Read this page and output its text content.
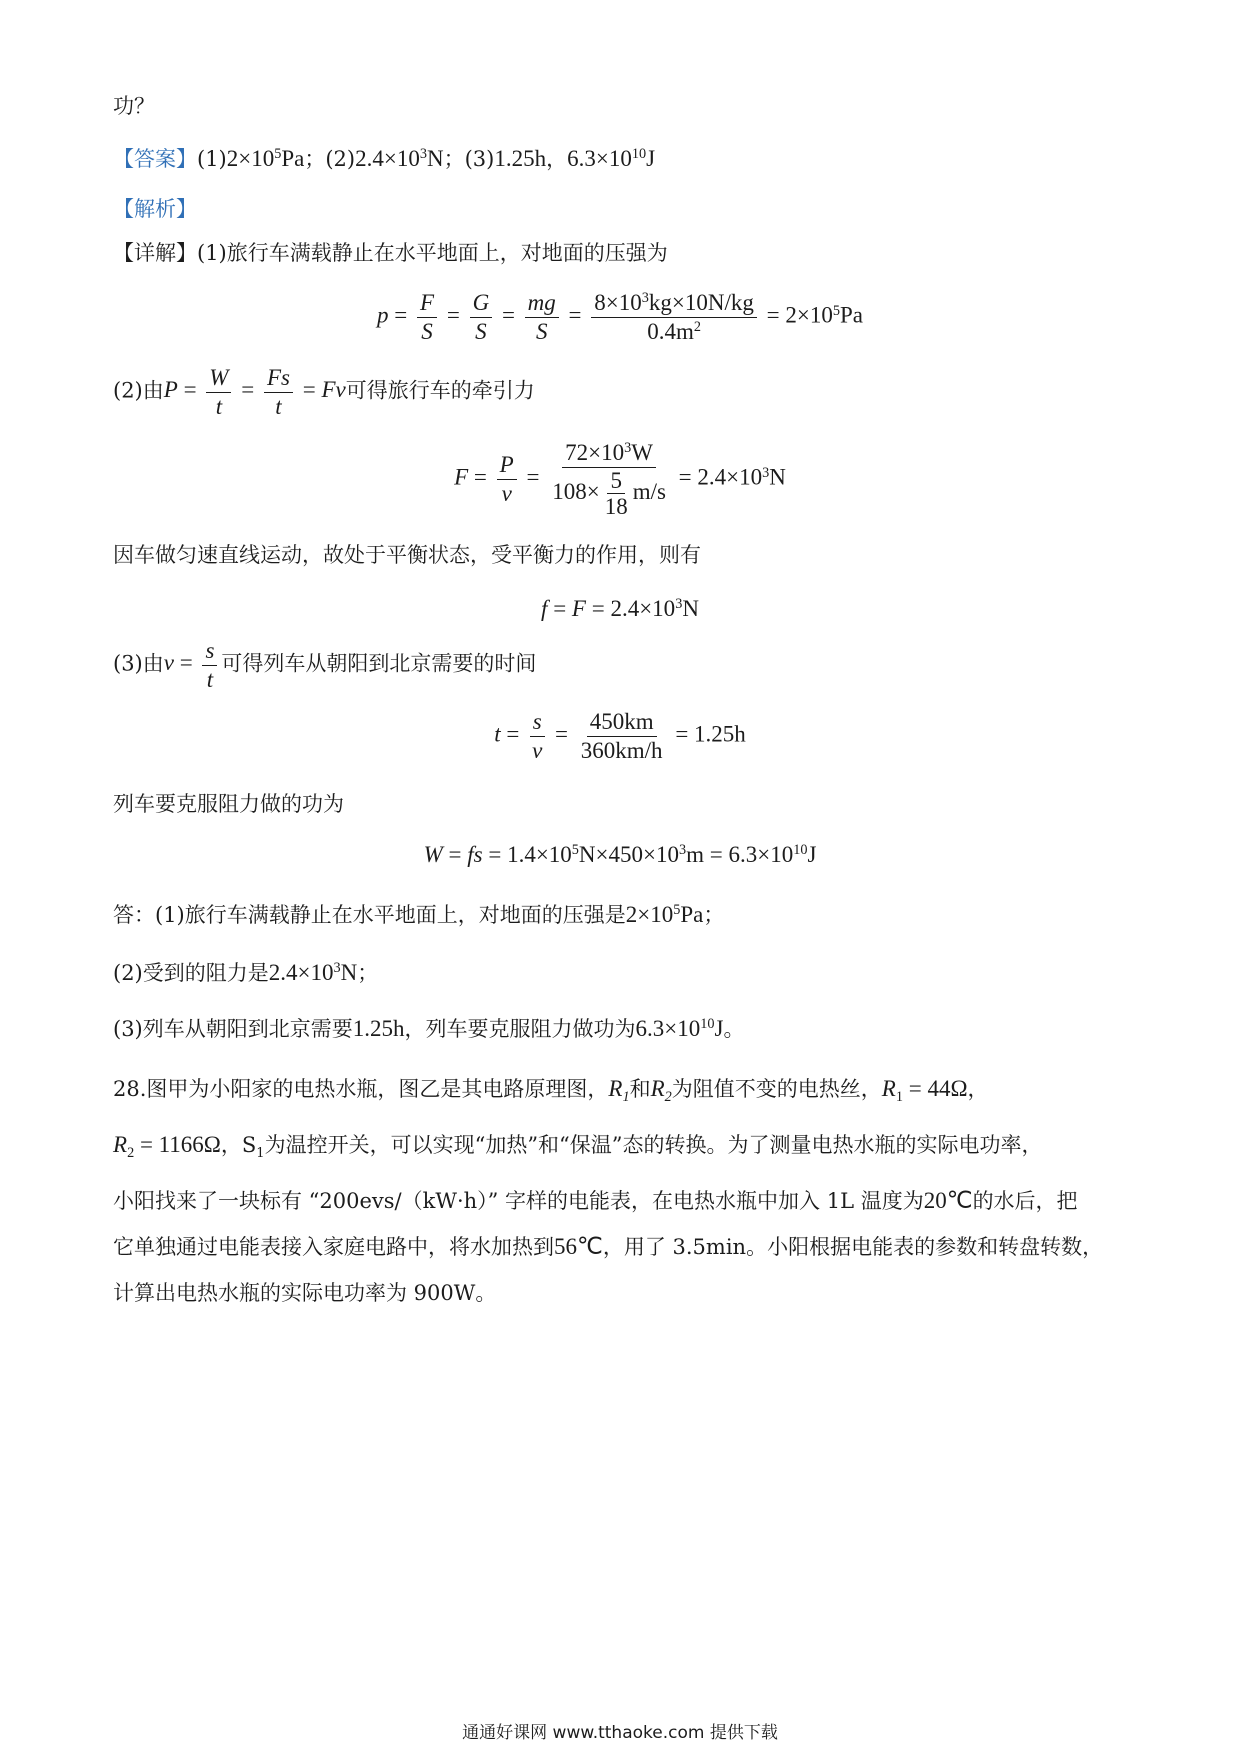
功？
【答案】$(1)2\times 10^5Pa$；$(2)2.4\times 10^3N$；(3)1.25h，$6.3\times 10^{10}J$
【解析】
【详解】(1)旅行车满载静止在水平地面上，对地面的压强为
$p = \frac{F}{S} = \frac{G}{S} = \frac{mg}{S} = \frac{8\times 10^3kg\times 10N/kg}{0.4m^2} = 2\times 10^5Pa$
(2)由$P = \frac{W}{t} = \frac{Fs}{t} = Fv$可得旅行车的牵引力
$F = \frac{P}{v} = \frac{72\times 10^3W}{108\times \frac{5}{18} m/s} = 2.4\times 10^3N$
因车做匀速直线运动，故处于平衡状态，受平衡力的作用，则有
$f = F = 2.4\times 10^3N$
(3)由$v = \frac{s}{t}$ 可得列车从朝阳到北京需要的时间
$t = \frac{s}{v} = \frac{450km}{360km/h} = 1.25h$
列车要克服阻力做的功为
W = fs = $1.4\times 10^5N\times 450\times 10^3m = 6.3\times 10^{10}J$
答：(1)旅行车满载静止在水平地面上，对地面的压强是$2\times 10^5Pa$；
(2)受到的阻力是$2.4\times 10^3N$；
(3)列车从朝阳到北京需要1.25h，列车要克服阻力做功为$6.3\times 10^{10}J$。
28.图甲为小阳家的电热水瓶，图乙是其电路原理图，$R_1$和$R_2$为阻值不变的电热丝，$R_1 = 44\Omega$，
$R_2 = 1166\Omega$，$S_1$为温控开关，可以实现“加热”和“保温”态的转换。为了测量电热水瓶的实际电功率，
小阳找来了一块标有 “200evs/（kW·h）” 字样的电能表，在电热水瓶中加入 1L 温度为20℃的水后，把
它单独通过电能表接入家庭电路中，将水加热到56℃，用了 3.5min。小阳根据电能表的参数和转盘转数，
计算出电热水瓶的实际电功率为 900W。
通通好课网 www.tthaoke.com 提供下载
